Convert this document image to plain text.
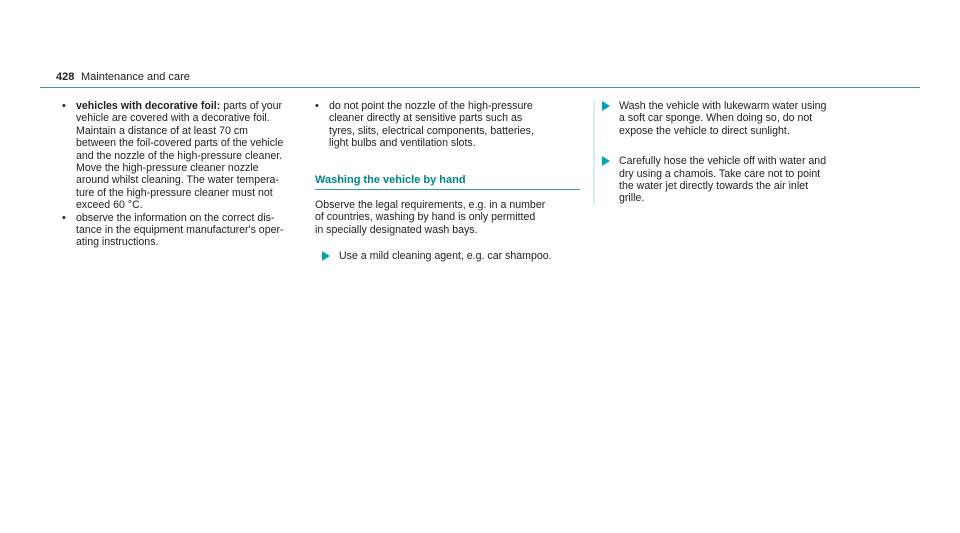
428 Maintenance and care
• vehicles with decorative foil: parts of your
vehicle are covered with a decorative foil.
Maintain a distance of at least 70 cm
between the foil-covered parts of the vehicle
and the nozzle of the high-pressure cleaner.
Move the high-pressure cleaner nozzle
around whilst cleaning. The water tempera-
ture of the high-pressure cleaner must not
exceed 60 °C.
• observe the information on the correct dis-
tance in the equipment manufacturer's oper-
ating instructions.
• do not point the nozzle of the high-pressure
cleaner directly at sensitive parts such as
tyres, slits, electrical components, batteries,
light bulbs and ventilation slots.
Washing the vehicle by hand
Observe the legal requirements, e.g. in a number
of countries, washing by hand is only permitted
in specially designated wash bays.
Use a mild cleaning agent, e.g. car shampoo.
Wash the vehicle with lukewarm water using
a soft car sponge. When doing so, do not
expose the vehicle to direct sunlight.
Carefully hose the vehicle off with water and
dry using a chamois. Take care not to point
the water jet directly towards the air inlet
grille.
